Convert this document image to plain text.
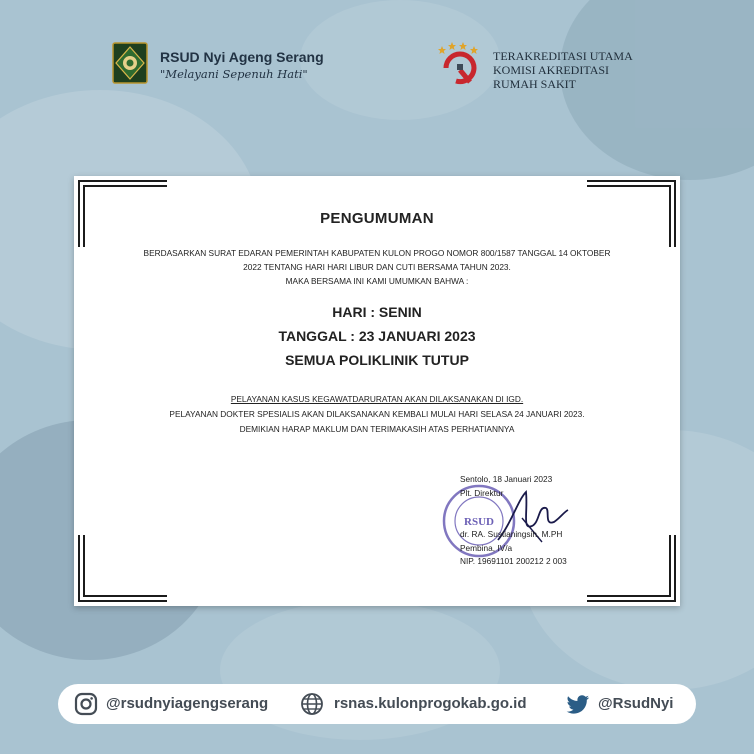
RSUD Nyi Ageng Serang
"Melayani Sepenuh Hati"
TERAKREDITASI UTAMA
KOMISI AKREDITASI
RUMAH SAKIT
PENGUMUMAN
BERDASARKAN SURAT EDARAN PEMERINTAH KABUPATEN KULON PROGO NOMOR 800/1587 TANGGAL 14 OKTOBER
2022 TENTANG HARI HARI LIBUR DAN CUTI BERSAMA TAHUN 2023.
MAKA BERSAMA INI KAMI UMUMKAN BAHWA :
HARI : SENIN
TANGGAL : 23 JANUARI 2023
SEMUA POLIKLINIK TUTUP
PELAYANAN KASUS KEGAWATDARURATAN AKAN DILAKSANAKAN DI IGD.
PELAYANAN DOKTER SPESIALIS AKAN DILAKSANAKAN KEMBALI MULAI HARI SELASA 24 JANUARI 2023.
DEMIKIAN HARAP MAKLUM DAN TERIMAKASIH ATAS PERHATIANNYA
RSUD
Sentolo, 18 Januari 2023
Plt. Direktur
dr. RA. Sustianingsih, M.PH
Pembina, IV/a
NIP. 19691101 200212 2 003
@rsudnyiagengserang	rsnas.kulonprogokab.go.id	@RsudNyi
